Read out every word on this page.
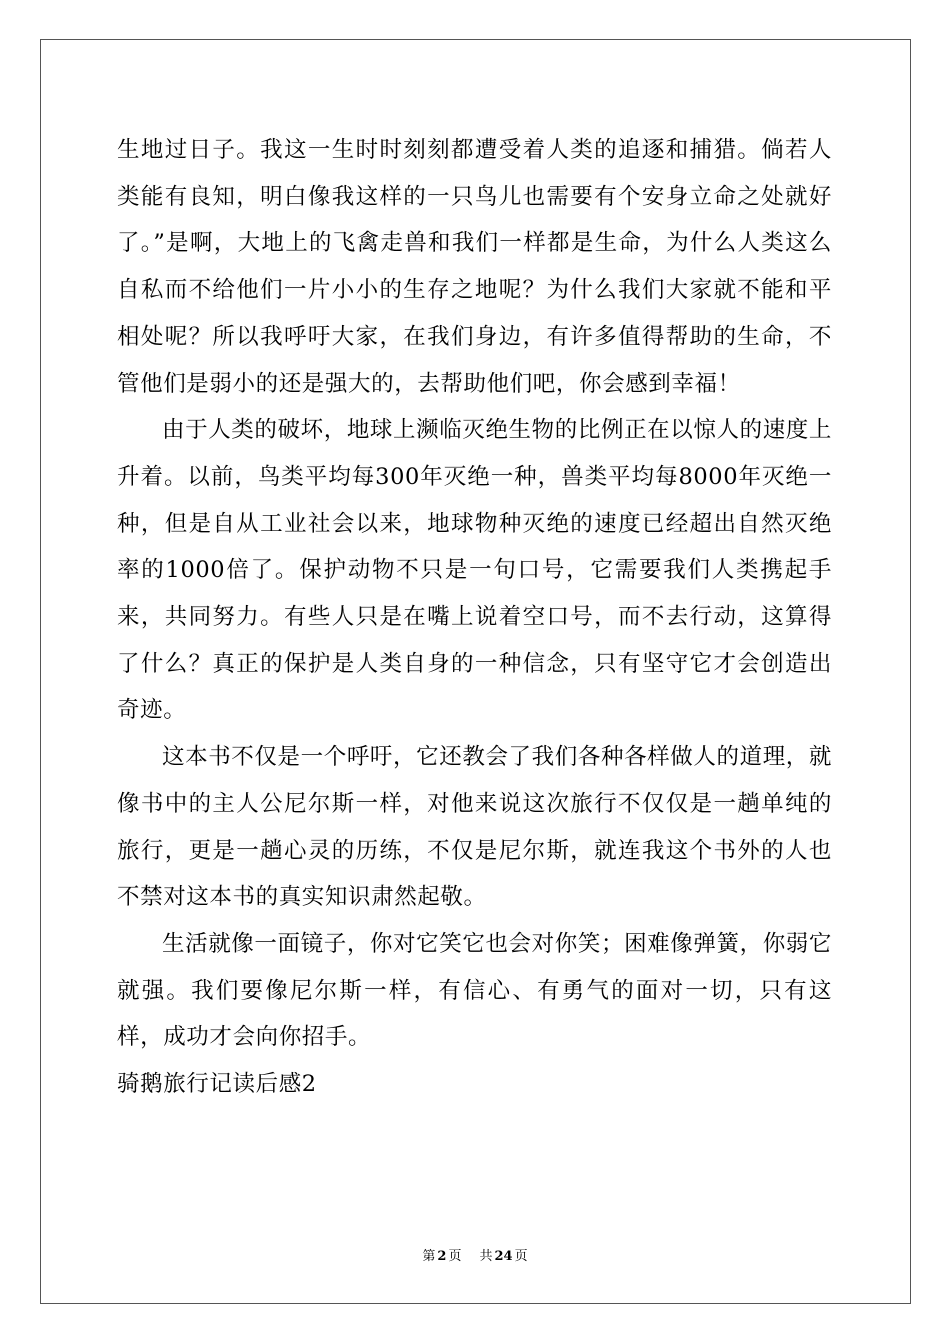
生地过日子。我这一生时时刻刻都遭受着人类的追逐和捕猎。倘若人类能有良知，明白像我这样的一只鸟儿也需要有个安身立命之处就好了。”是啊，大地上的飞禽走兽和我们一样都是生命，为什么人类这么自私而不给他们一片小小的生存之地呢？为什么我们大家就不能和平相处呢？所以我呼吁大家，在我们身边，有许多值得帮助的生命，不管他们是弱小的还是强大的，去帮助他们吧，你会感到幸福！

由于人类的破坏，地球上濒临灭绝生物的比例正在以惊人的速度上升着。以前，鸟类平均每300年灭绝一种，兽类平均每8000年灭绝一种，但是自从工业社会以来，地球物种灭绝的速度已经超出自然灭绝率的1000倍了。保护动物不只是一句口号，它需要我们人类携起手来，共同努力。有些人只是在嘴上说着空口号，而不去行动，这算得了什么？真正的保护是人类自身的一种信念，只有坚守它才会创造出奇迹。

这本书不仅是一个呼吁，它还教会了我们各种各样做人的道理，就像书中的主人公尼尔斯一样，对他来说这次旅行不仅仅是一趟单纯的旅行，更是一趟心灵的历练，不仅是尼尔斯，就连我这个书外的人也不禁对这本书的真实知识肃然起敬。

生活就像一面镜子，你对它笑它也会对你笑；困难像弹簧，你弱它就强。我们要像尼尔斯一样，有信心、有勇气的面对一切，只有这样，成功才会向你招手。

骑鹅旅行记读后感2

第 2 页 共 24 页
